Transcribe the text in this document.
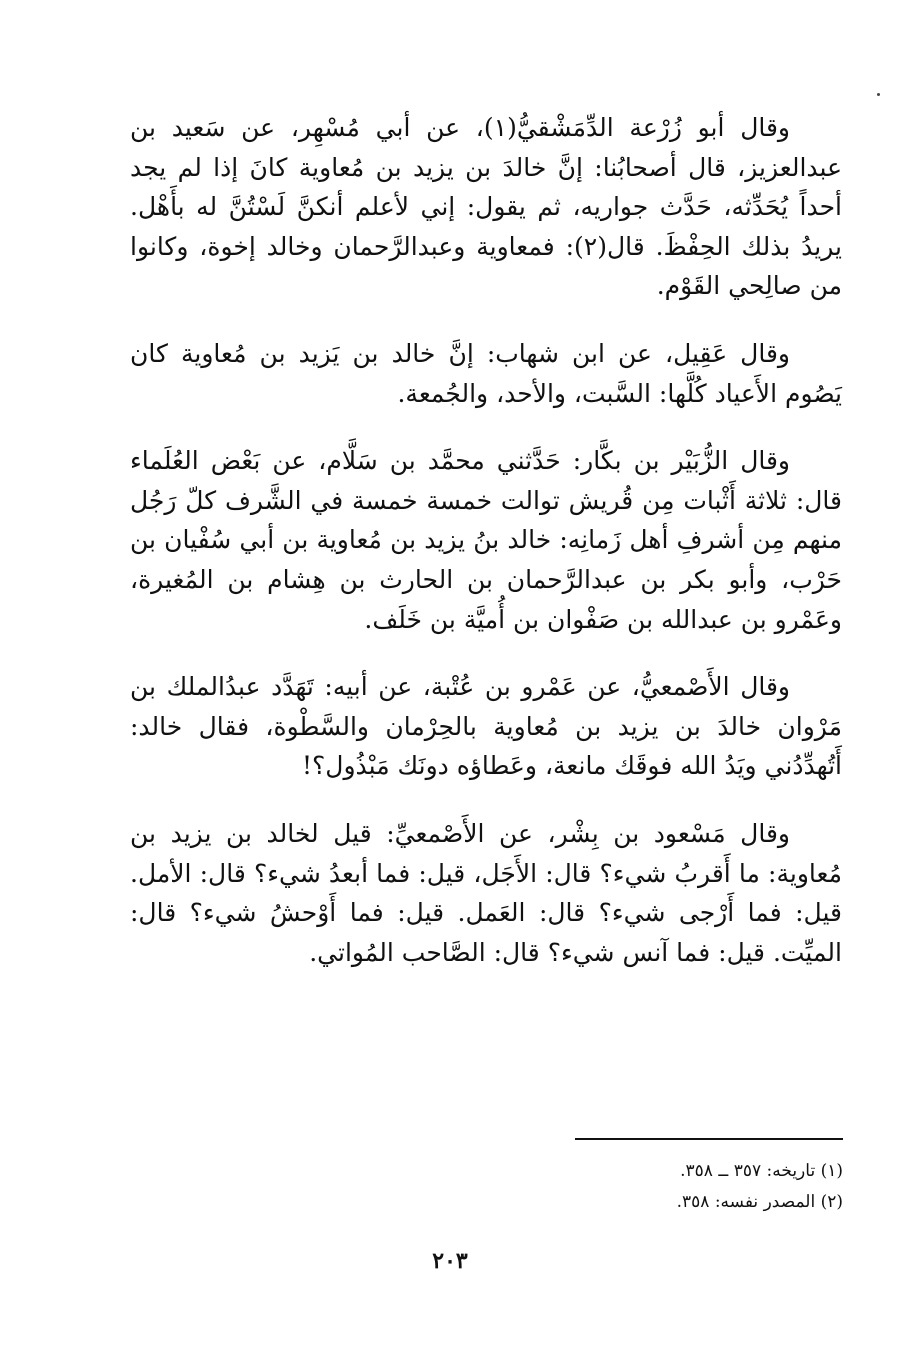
وقال أبو زُرْعة الدِّمَشْقيُّ(١)، عن أبي مُسْهِر، عن سَعيد بن عبدالعزيز، قال أصحابُنا: إنَّ خالدَ بن يزيد بن مُعاوية كانَ إذا لم يجد أحداً يُحَدِّثه، حَدَّث جواريه، ثم يقول: إني لأعلم أنكنَّ لَسْتُنَّ له بأَهْل. يريدُ بذلك الحِفْظَ. قال(٢): فمعاوية وعبدالرَّحمان وخالد إخوة، وكانوا من صالِحي القَوْم.

وقال عَقِيل، عن ابن شهاب: إنَّ خالد بن يَزيد بن مُعاوية كان يَصُوم الأَعياد كُلَّها: السَّبت، والأحد، والجُمعة.

وقال الزُّبَيْر بن بكَّار: حَدَّثني محمَّد بن سَلَّام، عن بَعْض العُلَماء قال: ثلاثة أَثْبات مِن قُريش توالت خمسة خمسة في الشَّرف كلّ رَجُل منهم مِن أشرفِ أهل زَمانِه: خالد بنُ يزيد بن مُعاوية بن أبي سُفْيان بن حَرْب، وأبو بكر بن عبدالرَّحمان بن الحارث بن هِشام بن المُغيرة، وعَمْرو بن عبدالله بن صَفْوان بن أُميَّة بن خَلَف.

وقال الأَصْمعيُّ، عن عَمْرو بن عُتْبة، عن أبيه: تَهَدَّد عبدُالملك بن مَرْوان خالدَ بن يزيد بن مُعاوية بالحِرْمان والسَّطْوة، فقال خالد: أَتُهدِّدُني ويَدُ الله فوقَك مانعة، وعَطاؤه دونَك مَبْذُول؟!

وقال مَسْعود بن بِشْر، عن الأَصْمعيِّ: قيل لخالد بن يزيد بن مُعاوية: ما أَقربُ شيء؟ قال: الأَجَل، قيل: فما أبعدُ شيء؟ قال: الأمل. قيل: فما أَرْجى شيء؟ قال: العَمل. قيل: فما أَوْحشُ شيء؟ قال: الميِّت. قيل: فما آنس شيء؟ قال: الصَّاحب المُواتي.

(١) تاريخه: ٣٥٧ ــ ٣٥٨.
(٢) المصدر نفسه: ٣٥٨.
٢٠٣
